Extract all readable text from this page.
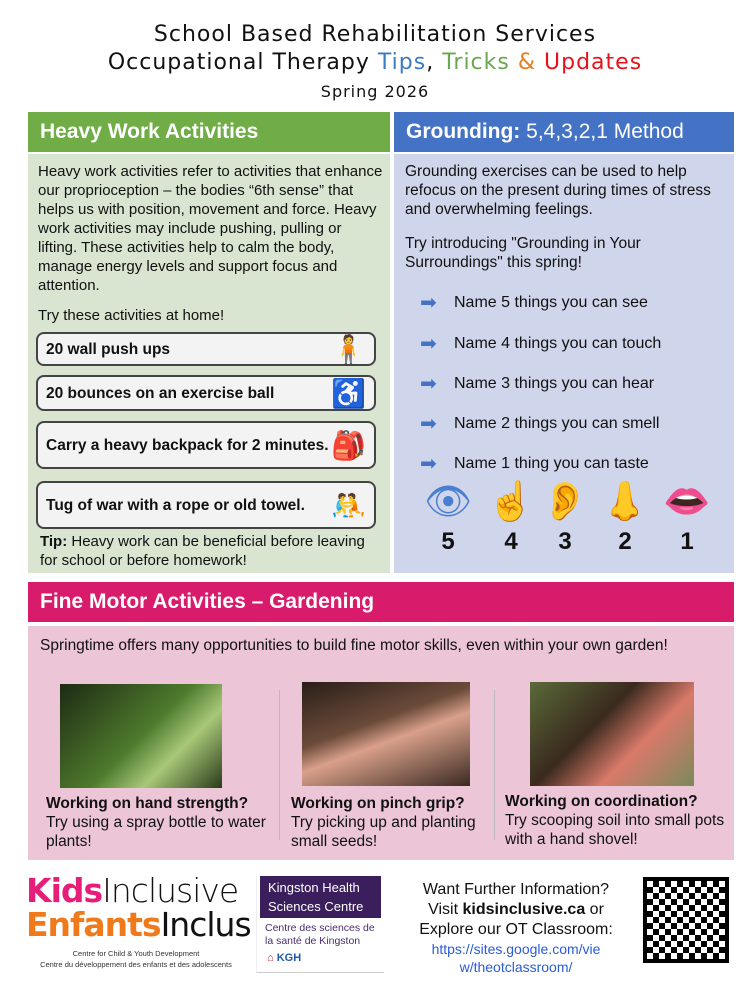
School Based Rehabilitation Services
Occupational Therapy Tips, Tricks & Updates
Spring 2026
Heavy Work Activities
Heavy work activities refer to activities that enhance our proprioception – the bodies “6th sense” that helps us with position, movement and force. Heavy work activities may include pushing, pulling or lifting. These activities help to calm the body, manage energy levels and support focus and attention.
Try these activities at home!
20 wall push ups	🧍
20 bounces on an exercise ball ♿
Carry a heavy backpack for 2 minutes. 🎒
Tug of war with a rope or old towel. 🤼
Tip: Heavy work can be beneficial before leaving for school or before homework!
Grounding: 5,4,3,2,1 Method
Grounding exercises can be used to help refocus on the present during times of stress and overwhelming feelings.
Try introducing "Grounding in Your Surroundings" this spring!
➡	Name 5 things you can see
➡	Name 4 things you can touch
➡	Name 3 things you can hear
➡	Name 2 things you can smell
➡	Name 1 thing you can taste
👁
5
☝
4
👂
3
👃
2
👄
1
Fine Motor Activities – Gardening
Springtime offers many opportunities to build fine motor skills, even within your own garden!
Working on hand strength?
Try using a spray bottle to water plants!
Working on pinch grip?
Try picking up and planting small seeds!
Working on coordination?
Try scooping soil into small pots with a hand shovel!
KidsInclusive
EnfantsInclus
Centre for Child & Youth Development
Centre du développement des enfants et des adolescents
Kingston Health Sciences Centre
Centre des sciences de la santé de Kingston
⌂ KGH
Want Further Information?
Visit kidsinclusive.ca or
Explore our OT Classroom:
https://sites.google.com/view/theotclassroom/
